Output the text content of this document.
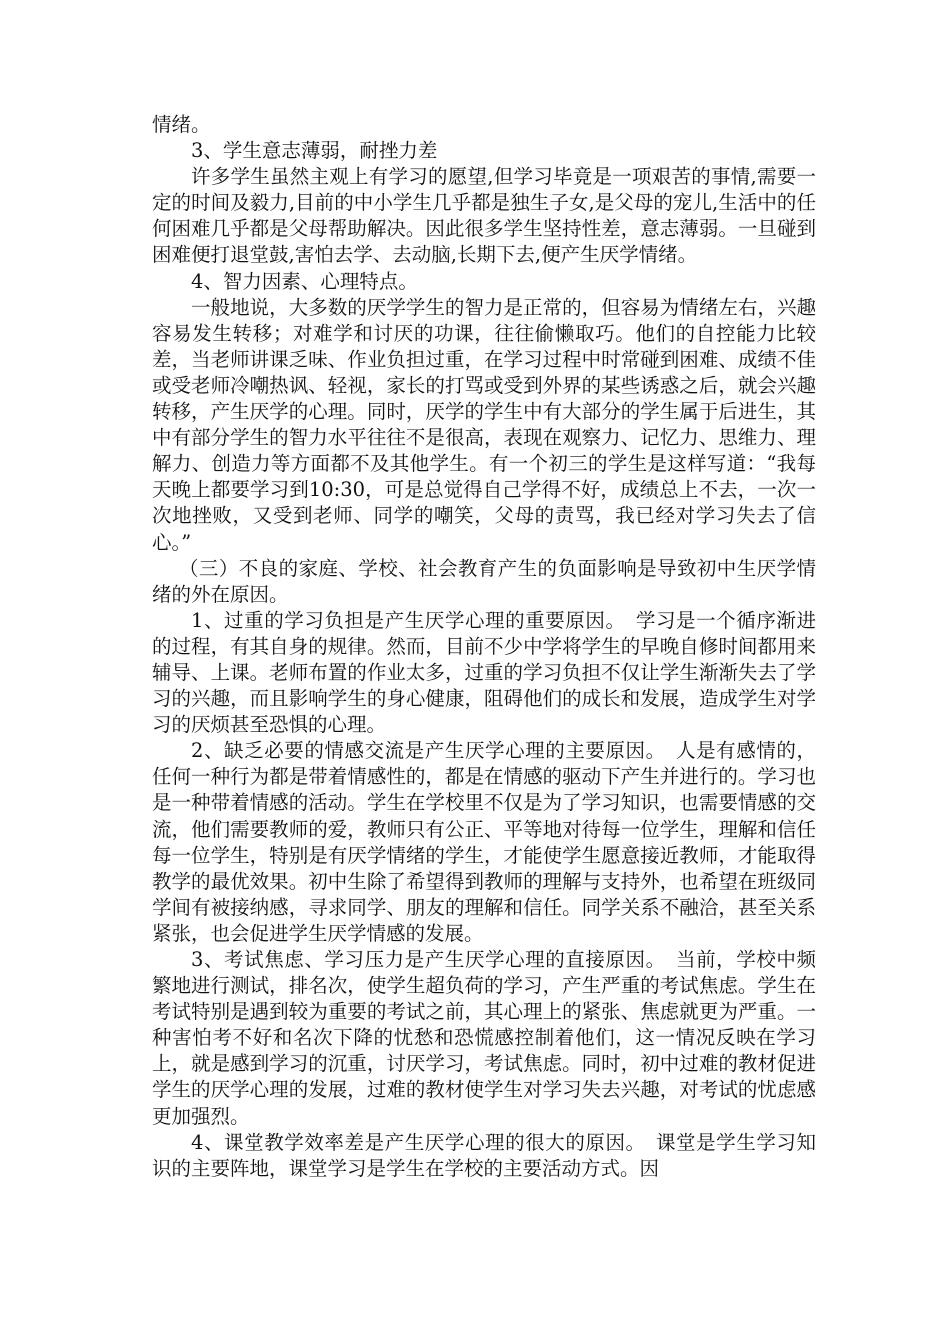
情绪。

3、学生意志薄弱，耐挫力差

许多学生虽然主观上有学习的愿望,但学习毕竟是一项艰苦的事情,需要一定的时间及毅力,目前的中小学生几乎都是独生子女,是父母的宠儿,生活中的任何困难几乎都是父母帮助解决。因此很多学生坚持性差，意志薄弱。一旦碰到困难便打退堂鼓,害怕去学、去动脑,长期下去,便产生厌学情绪。

4、智力因素、心理特点。

一般地说，大多数的厌学学生的智力是正常的，但容易为情绪左右，兴趣容易发生转移；对难学和讨厌的功课，往往偷懒取巧。他们的自控能力比较差，当老师讲课乏味、作业负担过重，在学习过程中时常碰到困难、成绩不佳或受老师冷嘲热讽、轻视，家长的打骂或受到外界的某些诱惑之后，就会兴趣转移，产生厌学的心理。同时，厌学的学生中有大部分的学生属于后进生，其中有部分学生的智力水平往往不是很高，表现在观察力、记忆力、思维力、理解力、创造力等方面都不及其他学生。有一个初三的学生是这样写道：“我每天晚上都要学习到10:30，可是总觉得自己学得不好，成绩总上不去，一次一次地挫败，又受到老师、同学的嘲笑，父母的责骂，我已经对学习失去了信心。”

（三）不良的家庭、学校、社会教育产生的负面影响是导致初中生厌学情绪的外在原因。

1、过重的学习负担是产生厌学心理的重要原因。　学习是一个循序渐进的过程，有其自身的规律。然而，目前不少中学将学生的早晚自修时间都用来辅导、上课。老师布置的作业太多，过重的学习负担不仅让学生渐渐失去了学习的兴趣，而且影响学生的身心健康，阻碍他们的成长和发展，造成学生对学习的厌烦甚至恐惧的心理。

2、缺乏必要的情感交流是产生厌学心理的主要原因。　人是有感情的，任何一种行为都是带着情感性的，都是在情感的驱动下产生并进行的。学习也是一种带着情感的活动。学生在学校里不仅是为了学习知识，也需要情感的交流，他们需要教师的爱，教师只有公正、平等地对待每一位学生，理解和信任每一位学生，特别是有厌学情绪的学生，才能使学生愿意接近教师，才能取得教学的最优效果。初中生除了希望得到教师的理解与支持外，也希望在班级同学间有被接纳感，寻求同学、朋友的理解和信任。同学关系不融洽，甚至关系紧张，也会促进学生厌学情感的发展。

3、考试焦虑、学习压力是产生厌学心理的直接原因。　当前，学校中频繁地进行测试，排名次，使学生超负荷的学习，产生严重的考试焦虑。学生在考试特别是遇到较为重要的考试之前，其心理上的紧张、焦虑就更为严重。一种害怕考不好和名次下降的忧愁和恐慌感控制着他们，这一情况反映在学习上，就是感到学习的沉重，讨厌学习，考试焦虑。同时，初中过难的教材促进学生的厌学心理的发展，过难的教材使学生对学习失去兴趣，对考试的忧虑感更加强烈。

4、课堂教学效率差是产生厌学心理的很大的原因。　课堂是学生学习知识的主要阵地，课堂学习是学生在学校的主要活动方式。因
